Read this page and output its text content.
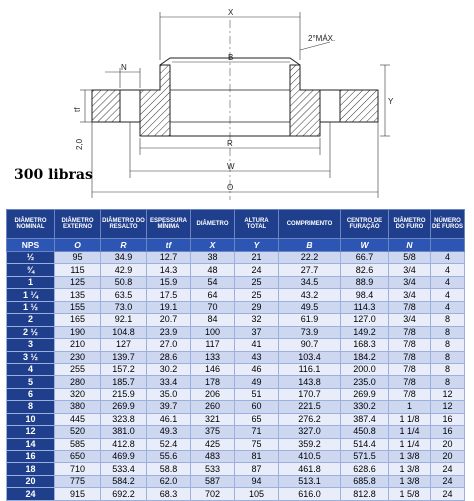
X
2°MÁX.
B
N
tf
Y
2,0	R
W
O
300 libras
DIÂMETRO NOMINAL	DIÂMETRO EXTERNO	DIÂMETRO DO RESALTO	ESPESSURA MÍNIMA	DIÂMETRO	ALTURA TOTAL	COMPRIMENTO	CENTRO DE FURAÇÃO	DIÂMETRO DO FURO	NÚMERO DE FUROS
NPS	O	R	tf	X	Y	B	W	N	
½	95	34.9	12.7	38	21	22.2	66.7	5/8	4
¾	115	42.9	14.3	48	24	27.7	82.6	3/4	4
1	125	50.8	15.9	54	25	34.5	88.9	3/4	4
1 ¼	135	63.5	17.5	64	25	43.2	98.4	3/4	4
1 ½	155	73.0	19.1	70	29	49.5	114.3	7/8	4
2	165	92.1	20.7	84	32	61.9	127.0	3/4	8
2 ½	190	104.8	23.9	100	37	73.9	149.2	7/8	8
3	210	127	27.0	117	41	90.7	168.3	7/8	8
3 ½	230	139.7	28.6	133	43	103.4	184.2	7/8	8
4	255	157.2	30.2	146	46	116.1	200.0	7/8	8
5	280	185.7	33.4	178	49	143.8	235.0	7/8	8
6	320	215.9	35.0	206	51	170.7	269.9	7/8	12
8	380	269.9	39.7	260	60	221.5	330.2	1	12
10	445	323.8	46.1	321	65	276.2	387.4	1 1/8	16
12	520	381.0	49.3	375	71	327.0	450.8	1 1/4	16
14	585	412.8	52.4	425	75	359.2	514.4	1 1/4	20
16	650	469.9	55.6	483	81	410.5	571.5	1 3/8	20
18	710	533.4	58.8	533	87	461.8	628.6	1 3/8	24
20	775	584.2	62.0	587	94	513.1	685.8	1 3/8	24
24	915	692.2	68.3	702	105	616.0	812.8	1 5/8	24
